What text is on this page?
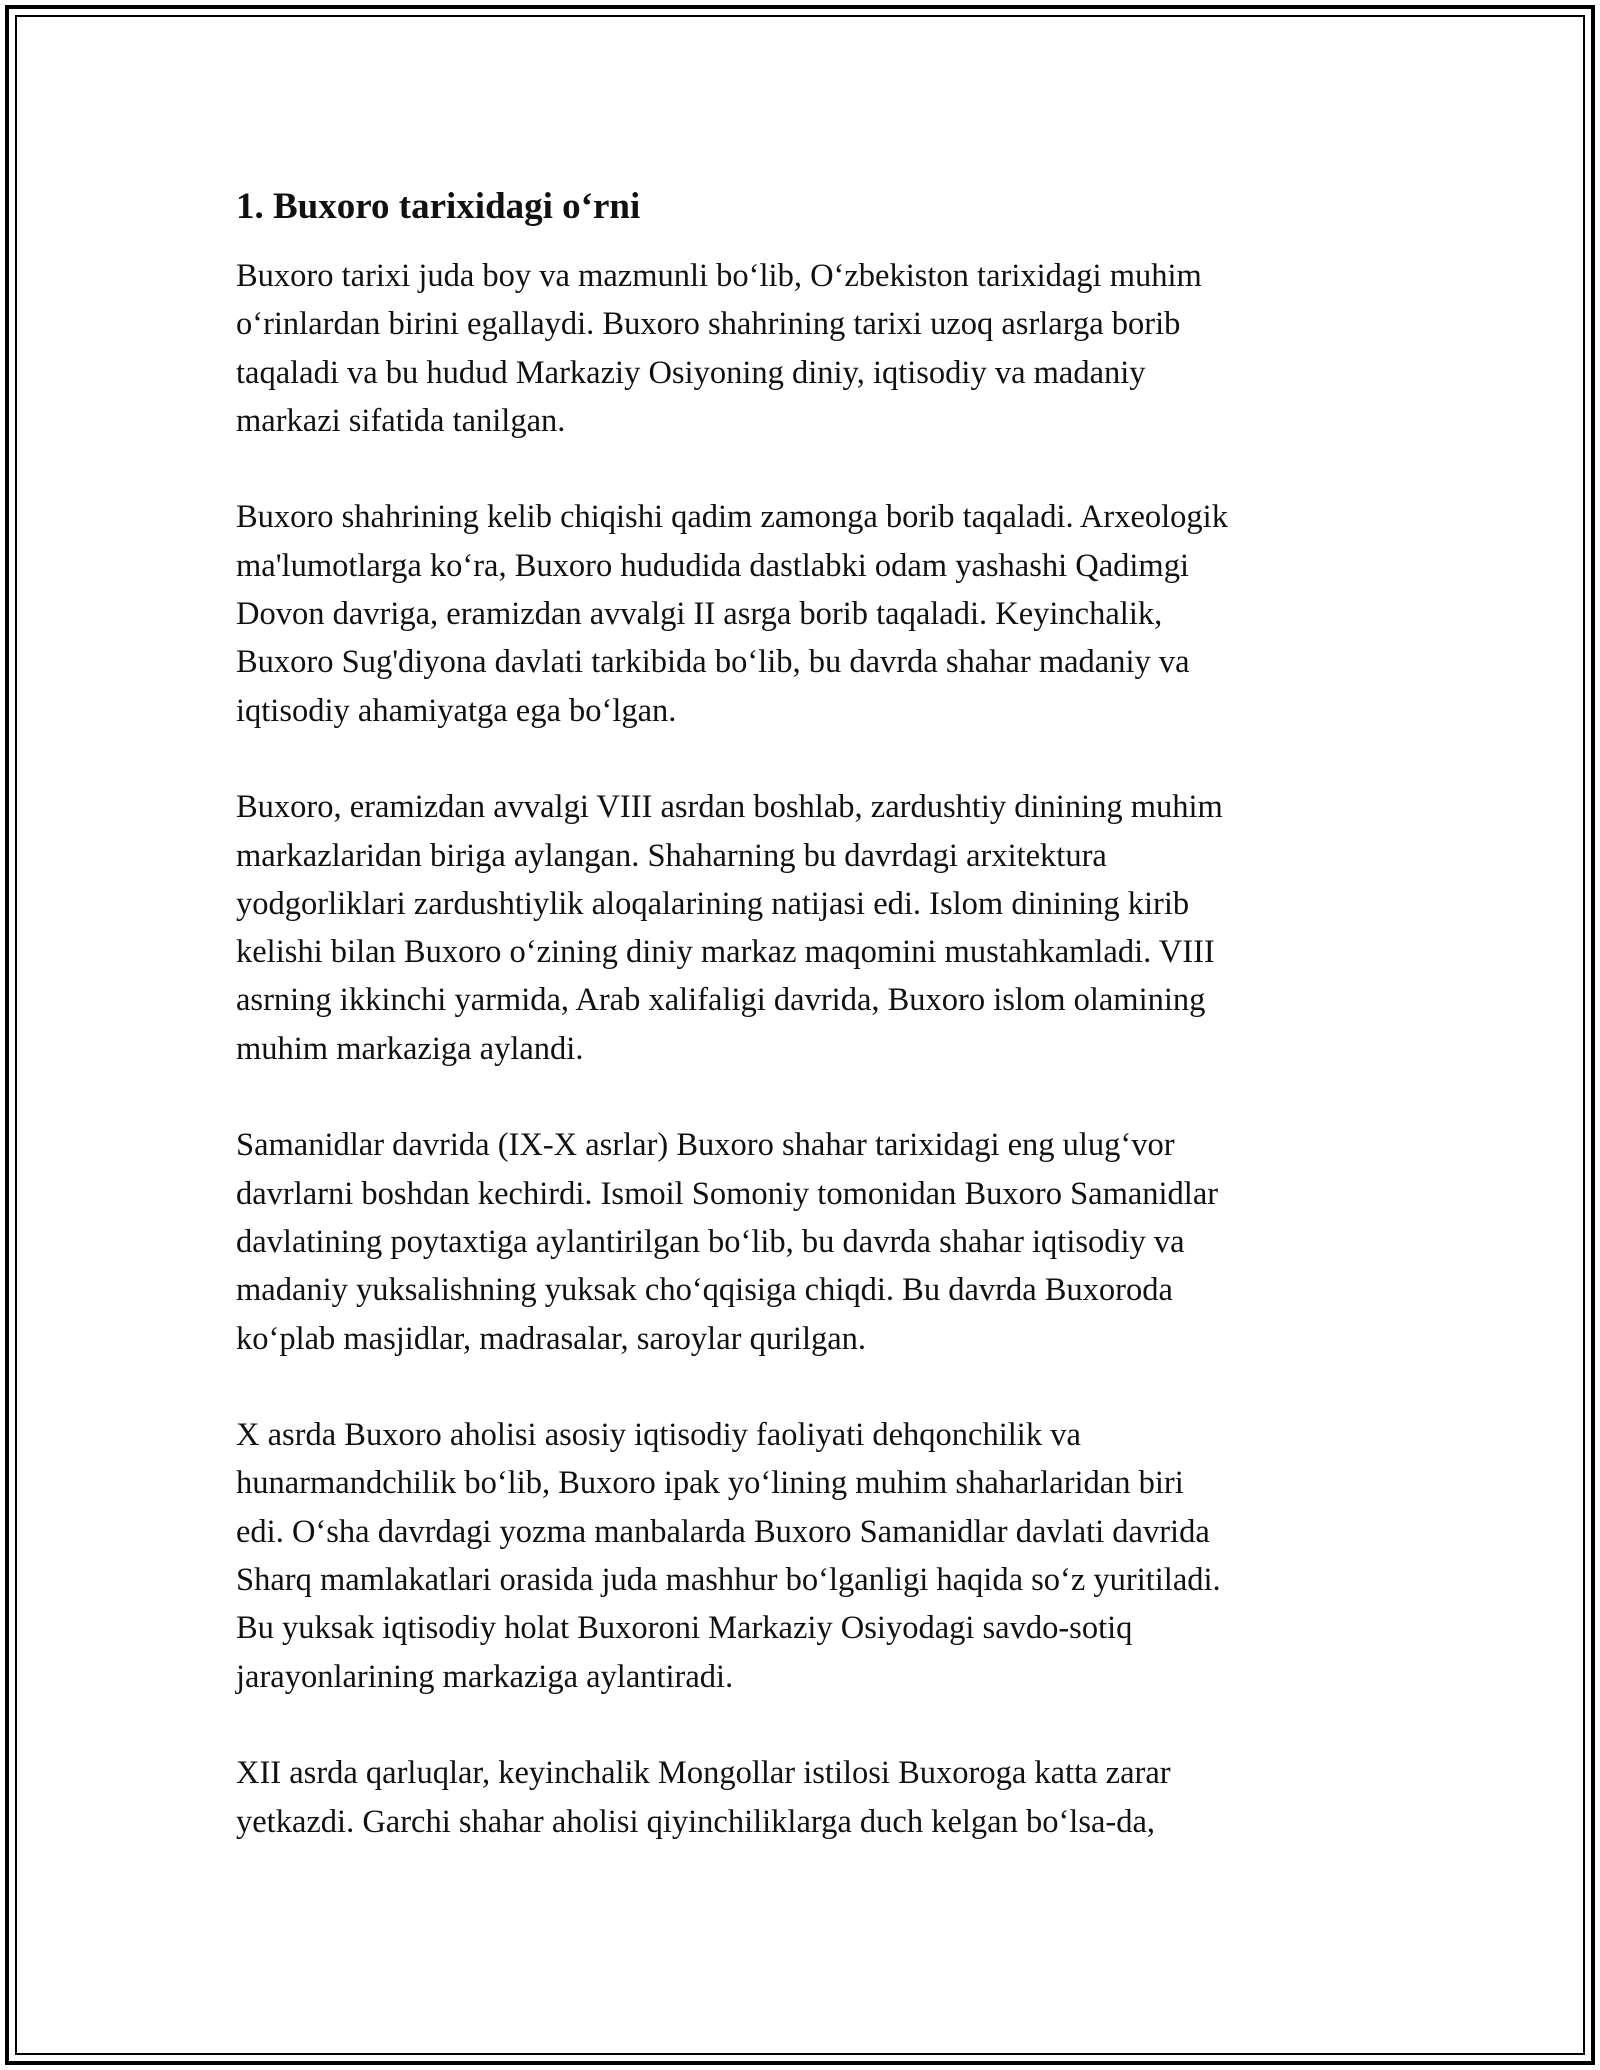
1. Buxoro tarixidagi o‘rni

Buxoro tarixi juda boy va mazmunli bo‘lib, O‘zbekiston tarixidagi muhim
o‘rinlardan birini egallaydi. Buxoro shahrining tarixi uzoq asrlarga borib
taqaladi va bu hudud Markaziy Osiyoning diniy, iqtisodiy va madaniy
markazi sifatida tanilgan.

Buxoro shahrining kelib chiqishi qadim zamonga borib taqaladi. Arxeologik
ma'lumotlarga ko‘ra, Buxoro hududida dastlabki odam yashashi Qadimgi
Dovon davriga, eramizdan avvalgi II asrga borib taqaladi. Keyinchalik,
Buxoro Sug'diyona davlati tarkibida bo‘lib, bu davrda shahar madaniy va
iqtisodiy ahamiyatga ega bo‘lgan.

Buxoro, eramizdan avvalgi VIII asrdan boshlab, zardushtiy dinining muhim
markazlaridan biriga aylangan. Shaharning bu davrdagi arxitektura
yodgorliklari zardushtiylik aloqalarining natijasi edi. Islom dinining kirib
kelishi bilan Buxoro o‘zining diniy markaz maqomini mustahkamladi. VIII
asrning ikkinchi yarmida, Arab xalifaligi davrida, Buxoro islom olamining
muhim markaziga aylandi.

Samanidlar davrida (IX-X asrlar) Buxoro shahar tarixidagi eng ulug‘vor
davrlarni boshdan kechirdi. Ismoil Somoniy tomonidan Buxoro Samanidlar
davlatining poytaxtiga aylantirilgan bo‘lib, bu davrda shahar iqtisodiy va
madaniy yuksalishning yuksak cho‘qqisiga chiqdi. Bu davrda Buxoroda
ko‘plab masjidlar, madrasalar, saroylar qurilgan.

X asrda Buxoro aholisi asosiy iqtisodiy faoliyati dehqonchilik va
hunarmandchilik bo‘lib, Buxoro ipak yo‘lining muhim shaharlaridan biri
edi. O‘sha davrdagi yozma manbalarda Buxoro Samanidlar davlati davrida
Sharq mamlakatlari orasida juda mashhur bo‘lganligi haqida so‘z yuritiladi.
Bu yuksak iqtisodiy holat Buxoroni Markaziy Osiyodagi savdo-sotiq
jarayonlarining markaziga aylantiradi.

XII asrda qarluqlar, keyinchalik Mongollar istilosi Buxoroga katta zarar
yetkazdi. Garchi shahar aholisi qiyinchiliklarga duch kelgan bo‘lsa-da,
